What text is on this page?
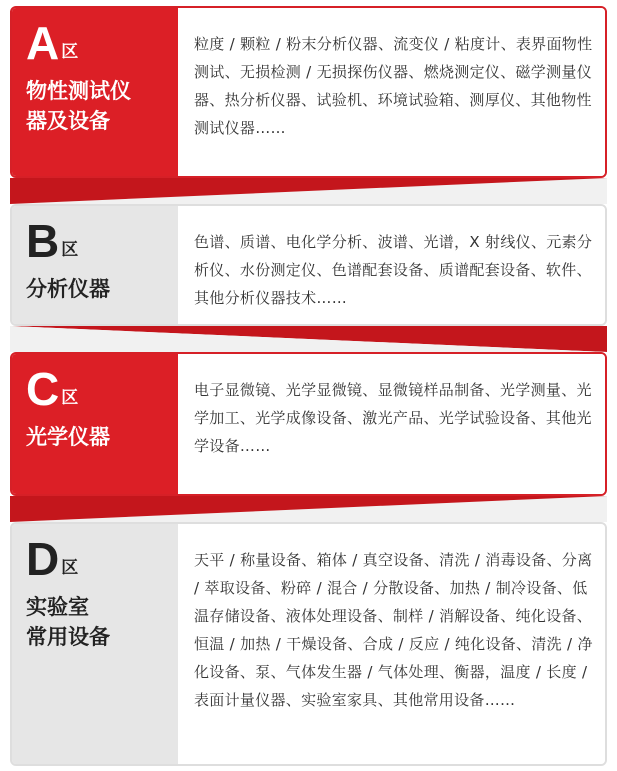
A 区
物性测试仪
器及设备
粒度 / 颗粒 / 粉末分析仪器、流变仪 / 粘度计、表界面物性测试、无损检测 / 无损探伤仪器、燃烧测定仪、磁学测量仪器、热分析仪器、试验机、环境试验箱、测厚仪、其他物性测试仪器……
B 区
分析仪器
色谱、质谱、电化学分析、波谱、光谱，X 射线仪、元素分析仪、水份测定仪、色谱配套设备、质谱配套设备、软件、其他分析仪器技术……
C 区
光学仪器
电子显微镜、光学显微镜、显微镜样品制备、光学测量、光学加工、光学成像设备、激光产品、光学试验设备、其他光学设备……
D 区
实验室
常用设备
天平 / 称量设备、箱体 / 真空设备、清洗 / 消毒设备、分离 / 萃取设备、粉碎 / 混合 / 分散设备、加热 / 制冷设备、低温存储设备、液体处理设备、制样 / 消解设备、纯化设备、恒温 / 加热 / 干燥设备、合成 / 反应 / 纯化设备、清洗 / 净化设备、泵、气体发生器 / 气体处理、衡器，温度 / 长度 / 表面计量仪器、实验室家具、其他常用设备……
